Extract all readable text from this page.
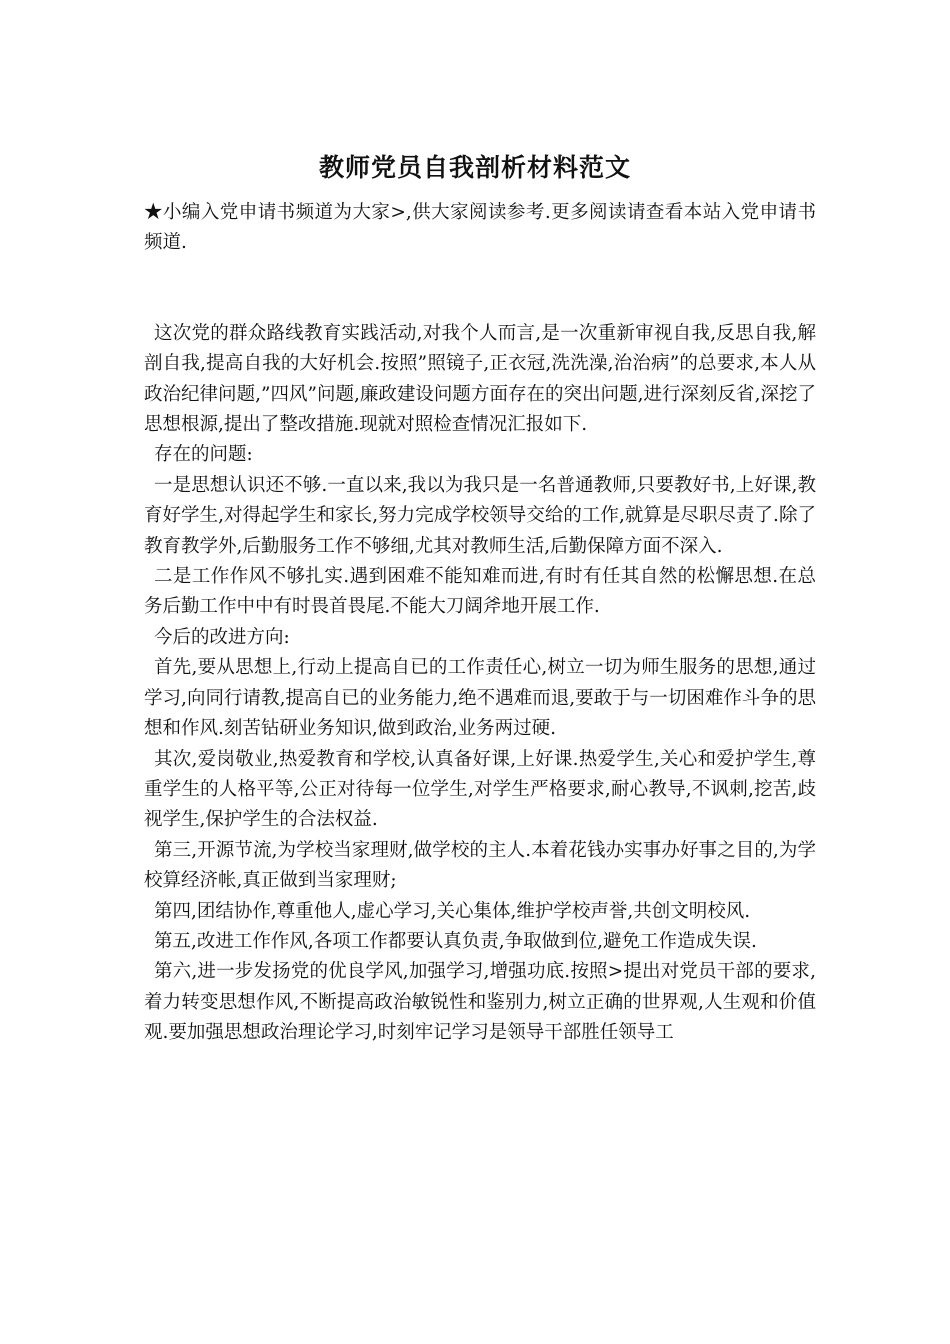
教师党员自我剖析材料范文

★小编入党申请书频道为大家>,供大家阅读参考.更多阅读请查看本站入党申请书频道.

这次党的群众路线教育实践活动,对我个人而言,是一次重新审视自我,反思自我,解剖自我,提高自我的大好机会.按照”照镜子,正衣冠,洗洗澡,治治病”的总要求,本人从政治纪律问题,”四风”问题,廉政建设问题方面存在的突出问题,进行深刻反省,深挖了思想根源,提出了整改措施.现就对照检查情况汇报如下.

存在的问题:

一是思想认识还不够.一直以来,我以为我只是一名普通教师,只要教好书,上好课,教育好学生,对得起学生和家长,努力完成学校领导交给的工作,就算是尽职尽责了.除了教育教学外,后勤服务工作不够细,尤其对教师生活,后勤保障方面不深入.

二是工作作风不够扎实.遇到困难不能知难而进,有时有任其自然的松懈思想.在总务后勤工作中中有时畏首畏尾.不能大刀阔斧地开展工作.

今后的改进方向:

首先,要从思想上,行动上提高自已的工作责任心,树立一切为师生服务的思想,通过学习,向同行请教,提高自已的业务能力,绝不遇难而退,要敢于与一切困难作斗争的思想和作风.刻苦钻研业务知识,做到政治,业务两过硬.

其次,爱岗敬业,热爱教育和学校,认真备好课,上好课.热爱学生,关心和爱护学生,尊重学生的人格平等,公正对待每一位学生,对学生严格要求,耐心教导,不讽刺,挖苦,歧视学生,保护学生的合法权益.

第三,开源节流,为学校当家理财,做学校的主人.本着花钱办实事办好事之目的,为学校算经济帐,真正做到当家理财;

第四,团结协作,尊重他人,虚心学习,关心集体,维护学校声誉,共创文明校风.

第五,改进工作作风,各项工作都要认真负责,争取做到位,避免工作造成失误.

第六,进一步发扬党的优良学风,加强学习,增强功底.按照>提出对党员干部的要求,着力转变思想作风,不断提高政治敏锐性和鉴别力,树立正确的世界观,人生观和价值观.要加强思想政治理论学习,时刻牢记学习是领导干部胜任领导工
